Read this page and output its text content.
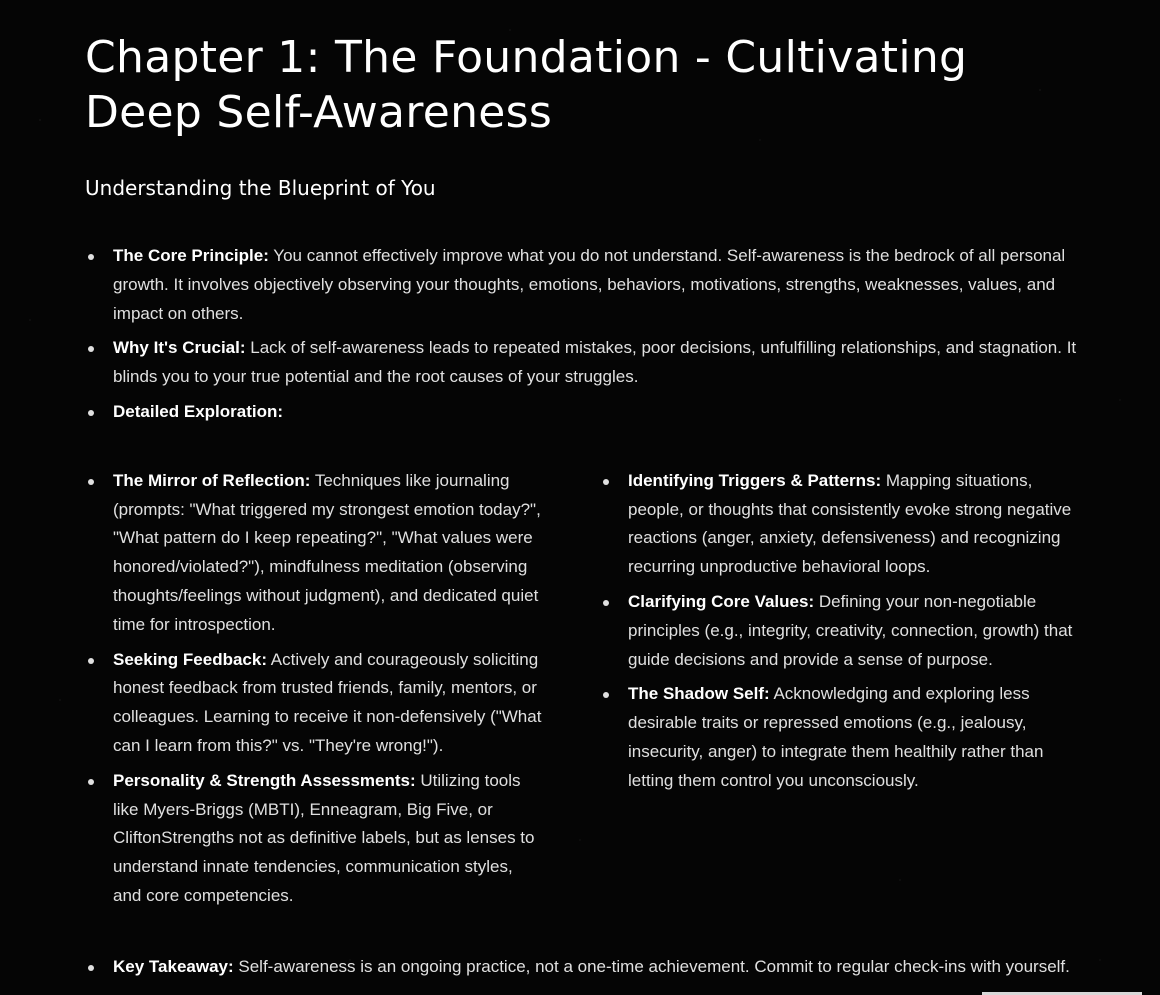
Chapter 1: The Foundation - Cultivating Deep Self-Awareness
Understanding the Blueprint of You
The Core Principle: You cannot effectively improve what you do not understand. Self-awareness is the bedrock of all personal growth. It involves objectively observing your thoughts, emotions, behaviors, motivations, strengths, weaknesses, values, and impact on others.
Why It's Crucial: Lack of self-awareness leads to repeated mistakes, poor decisions, unfulfilling relationships, and stagnation. It blinds you to your true potential and the root causes of your struggles.
Detailed Exploration:
The Mirror of Reflection: Techniques like journaling (prompts: "What triggered my strongest emotion today?", "What pattern do I keep repeating?", "What values were honored/violated?"), mindfulness meditation (observing thoughts/feelings without judgment), and dedicated quiet time for introspection.
Seeking Feedback: Actively and courageously soliciting honest feedback from trusted friends, family, mentors, or colleagues. Learning to receive it non-defensively ("What can I learn from this?" vs. "They're wrong!").
Personality & Strength Assessments: Utilizing tools like Myers-Briggs (MBTI), Enneagram, Big Five, or CliftonStrengths not as definitive labels, but as lenses to understand innate tendencies, communication styles, and core competencies.
Identifying Triggers & Patterns: Mapping situations, people, or thoughts that consistently evoke strong negative reactions (anger, anxiety, defensiveness) and recognizing recurring unproductive behavioral loops.
Clarifying Core Values: Defining your non-negotiable principles (e.g., integrity, creativity, connection, growth) that guide decisions and provide a sense of purpose.
The Shadow Self: Acknowledging and exploring less desirable traits or repressed emotions (e.g., jealousy, insecurity, anger) to integrate them healthily rather than letting them control you unconsciously.
Key Takeaway: Self-awareness is an ongoing practice, not a one-time achievement. Commit to regular check-ins with yourself.
